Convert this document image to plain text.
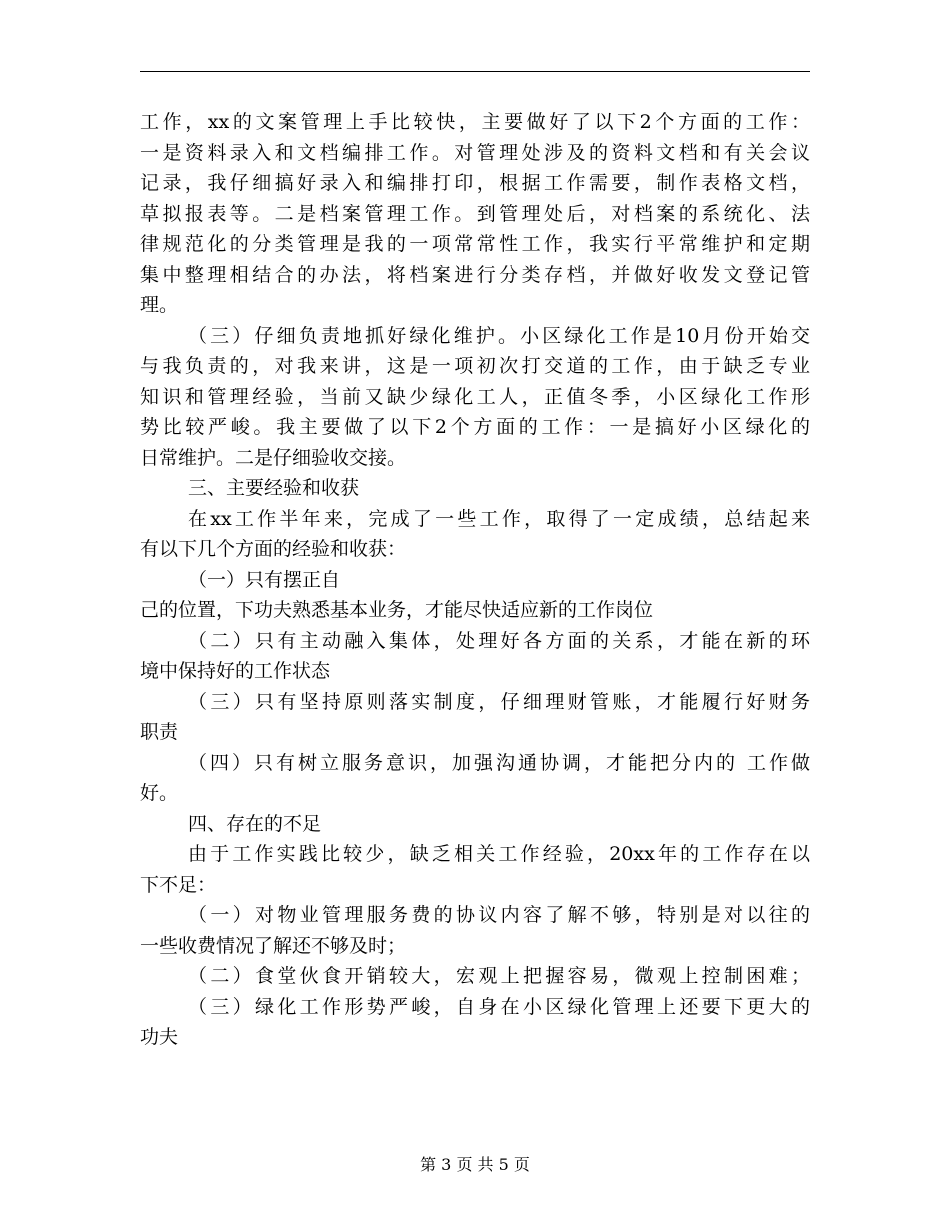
工作，xx的文案管理上手比较快，主要做好了以下2个方面的工作：
一是资料录入和文档编排工作。对管理处涉及的资料文档和有关会议
记录，我仔细搞好录入和编排打印，根据工作需要，制作表格文档，
草拟报表等。二是档案管理工作。到管理处后，对档案的系统化、法
律规范化的分类管理是我的一项常常性工作，我实行平常维护和定期
集中整理相结合的办法，将档案进行分类存档，并做好收发文登记管
理。
（三）仔细负责地抓好绿化维护。小区绿化工作是10月份开始交
与我负责的，对我来讲，这是一项初次打交道的工作，由于缺乏专业
知识和管理经验，当前又缺少绿化工人，正值冬季，小区绿化工作形
势比较严峻。我主要做了以下2个方面的工作：一是搞好小区绿化的
日常维护。二是仔细验收交接。
三、主要经验和收获
在xx工作半年来，完成了一些工作，取得了一定成绩，总结起来
有以下几个方面的经验和收获：
（一）只有摆正自
己的位置，下功夫熟悉基本业务，才能尽快适应新的工作岗位
（二）只有主动融入集体，处理好各方面的关系，才能在新的环
境中保持好的工作状态
（三）只有坚持原则落实制度，仔细理财管账，才能履行好财务
职责
（四）只有树立服务意识，加强沟通协调，才能把分内的 工作做
好。
四、存在的不足
由于工作实践比较少，缺乏相关工作经验，20xx年的工作存在以
下不足：
（一）对物业管理服务费的协议内容了解不够，特别是对以往的
一些收费情况了解还不够及时；
（二）食堂伙食开销较大，宏观上把握容易，微观上控制困难；
（三）绿化工作形势严峻，自身在小区绿化管理上还要下更大的
功夫
第 3 页 共 5 页
